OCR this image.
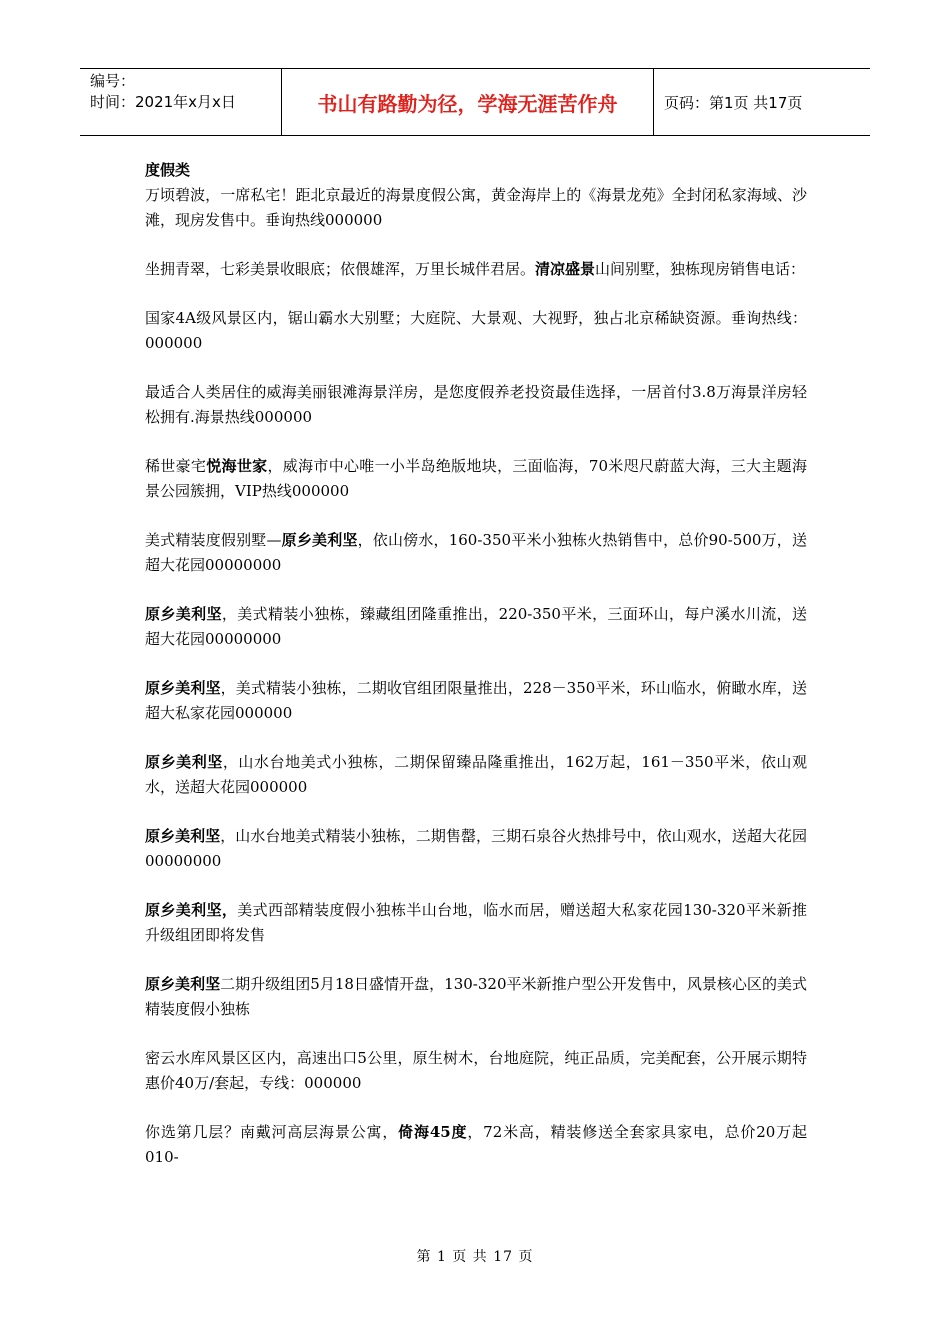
编号：
时间：2021年x月x日	书山有路勤为径，学海无涯苦作舟	页码：第1页 共17页
度假类

万顷碧波，一席私宅！距北京最近的海景度假公寓，黄金海岸上的《海景龙苑》全封闭私家海域、沙滩，现房发售中。垂询热线000000

坐拥青翠，七彩美景收眼底；依偎雄浑，万里长城伴君居。清凉盛景山间别墅，独栋现房销售电话：

国家4A级风景区内，锯山霸水大别墅；大庭院、大景观、大视野，独占北京稀缺资源。垂询热线：000000

最适合人类居住的威海美丽银滩海景洋房，是您度假养老投资最佳选择，一居首付3.8万海景洋房轻松拥有.海景热线000000

稀世豪宅悦海世家，威海市中心唯一小半岛绝版地块，三面临海，70米咫尺蔚蓝大海，三大主题海景公园簇拥，VIP热线000000

美式精装度假别墅—原乡美利坚，依山傍水，160-350平米小独栋火热销售中，总价90-500万，送超大花园00000000

原乡美利坚，美式精装小独栋，臻藏组团隆重推出，220-350平米，三面环山，每户溪水川流，送超大花园00000000

原乡美利坚，美式精装小独栋，二期收官组团限量推出，228－350平米，环山临水，俯瞰水库，送超大私家花园000000

原乡美利坚，山水台地美式小独栋，二期保留臻品隆重推出，162万起，161－350平米，依山观水，送超大花园000000

原乡美利坚，山水台地美式精装小独栋，二期售罄，三期石泉谷火热排号中，依山观水，送超大花园00000000

原乡美利坚，美式西部精装度假小独栋半山台地，临水而居，赠送超大私家花园130-320平米新推升级组团即将发售

原乡美利坚二期升级组团5月18日盛情开盘，130-320平米新推户型公开发售中，风景核心区的美式精装度假小独栋

密云水库风景区区内，高速出口5公里，原生树木，台地庭院，纯正品质，完美配套，公开展示期特惠价40万/套起，专线：000000

你选第几层？南戴河高层海景公寓，倚海45度，72米高，精装修送全套家具家电，总价20万起010-

第 1 页 共 17 页
